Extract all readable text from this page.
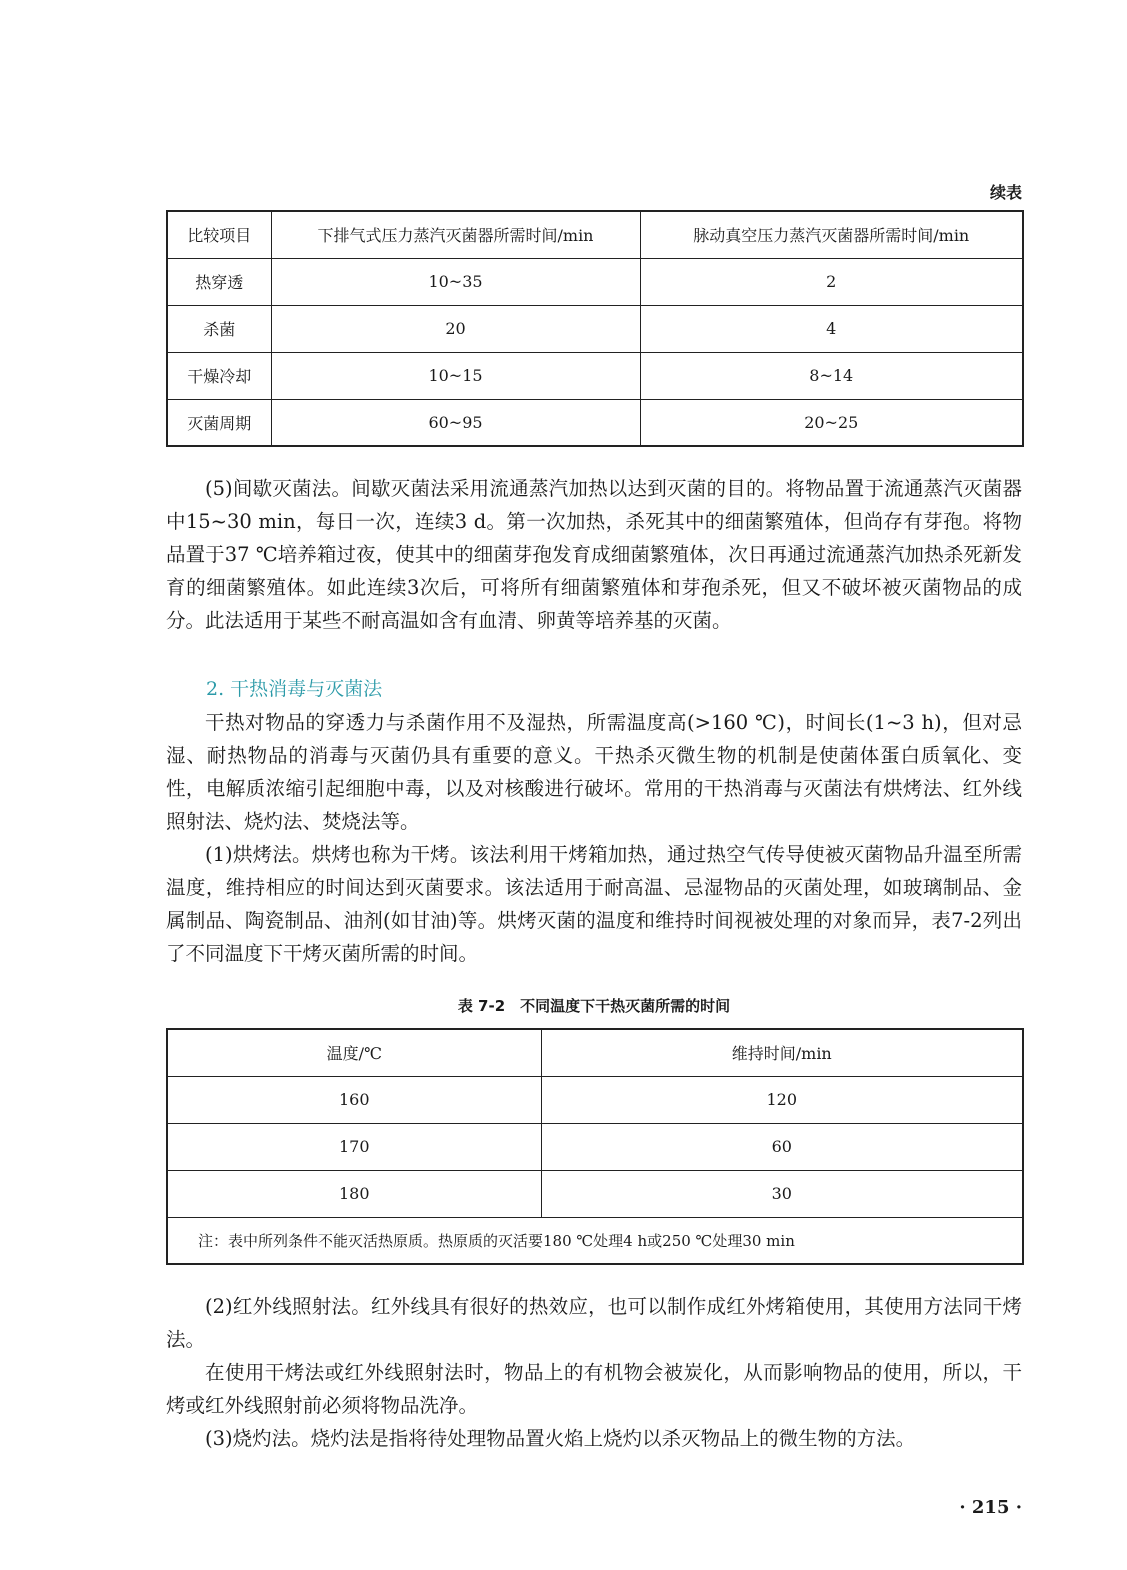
续表
比较项目	下排气式压力蒸汽灭菌器所需时间/min	脉动真空压力蒸汽灭菌器所需时间/min
热穿透	10~35	2
杀菌	20	4
干燥冷却	10~15	8~14
灭菌周期	60~95	20~25

(5)间歇灭菌法。间歇灭菌法采用流通蒸汽加热以达到灭菌的目的。将物品置于流通蒸汽灭菌器中15~30 min，每日一次，连续3 d。第一次加热，杀死其中的细菌繁殖体，但尚存有芽孢。将物品置于37 ℃培养箱过夜，使其中的细菌芽孢发育成细菌繁殖体，次日再通过流通蒸汽加热杀死新发育的细菌繁殖体。如此连续3次后，可将所有细菌繁殖体和芽孢杀死，但又不破坏被灭菌物品的成分。此法适用于某些不耐高温如含有血清、卵黄等培养基的灭菌。

2. 干热消毒与灭菌法

干热对物品的穿透力与杀菌作用不及湿热，所需温度高(>160 ℃)，时间长(1~3 h)，但对忌湿、耐热物品的消毒与灭菌仍具有重要的意义。干热杀灭微生物的机制是使菌体蛋白质氧化、变性，电解质浓缩引起细胞中毒，以及对核酸进行破坏。常用的干热消毒与灭菌法有烘烤法、红外线照射法、烧灼法、焚烧法等。

(1)烘烤法。烘烤也称为干烤。该法利用干烤箱加热，通过热空气传导使被灭菌物品升温至所需温度，维持相应的时间达到灭菌要求。该法适用于耐高温、忌湿物品的灭菌处理，如玻璃制品、金属制品、陶瓷制品、油剂(如甘油)等。烘烤灭菌的温度和维持时间视被处理的对象而异，表7-2列出了不同温度下干烤灭菌所需的时间。

表 7-2　不同温度下干热灭菌所需的时间
温度/℃	维持时间/min
160	120
170	60
180	30
注：表中所列条件不能灭活热原质。热原质的灭活要180 ℃处理4 h或250 ℃处理30 min	

(2)红外线照射法。红外线具有很好的热效应，也可以制作成红外烤箱使用，其使用方法同干烤法。

在使用干烤法或红外线照射法时，物品上的有机物会被炭化，从而影响物品的使用，所以，干烤或红外线照射前必须将物品洗净。

(3)烧灼法。烧灼法是指将待处理物品置火焰上烧灼以杀灭物品上的微生物的方法。

· 215 ·
